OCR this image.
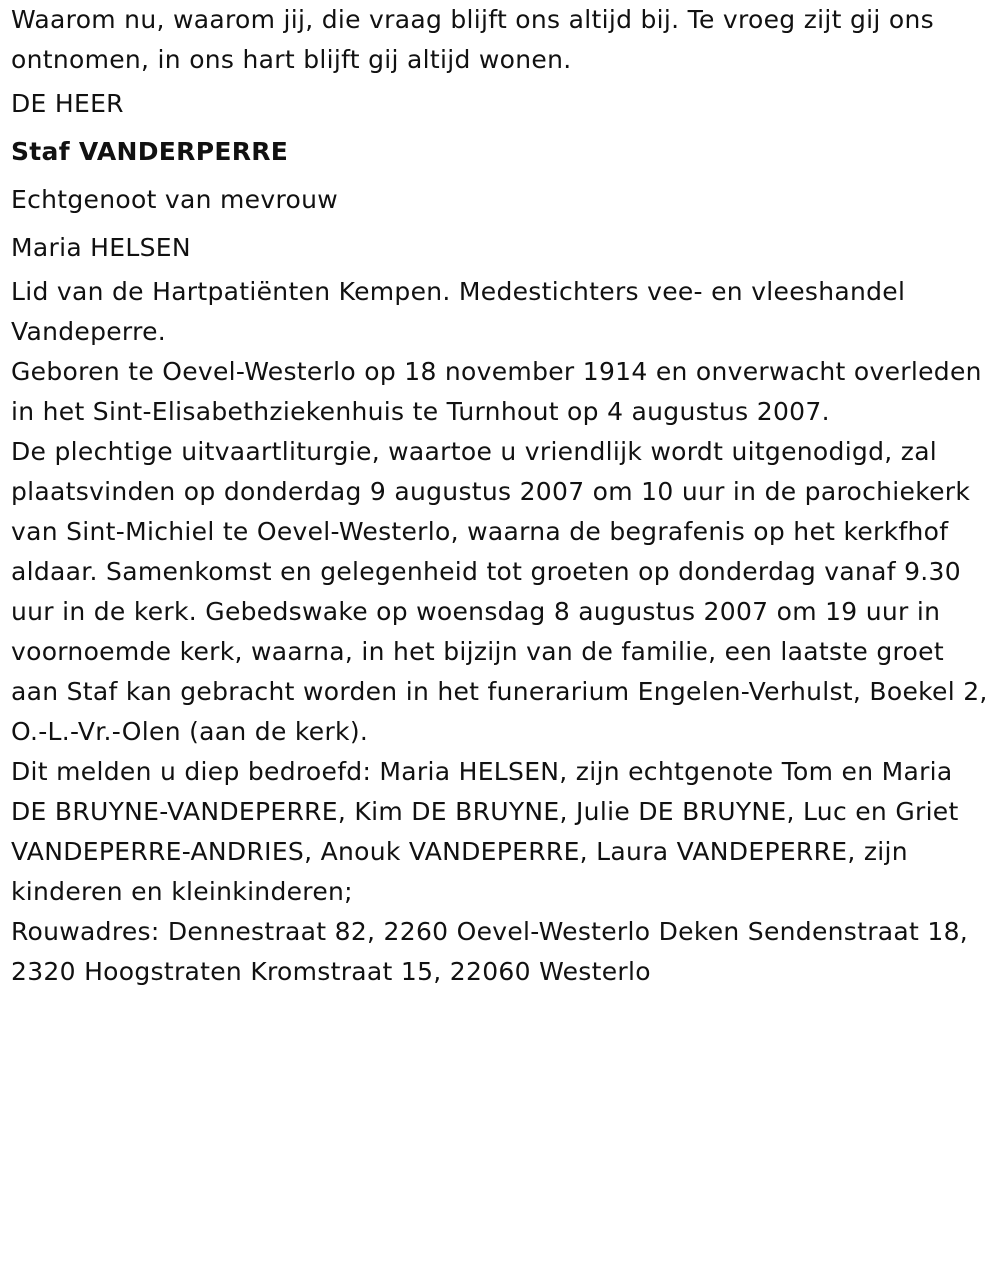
Waarom nu, waarom jij, die vraag blijft ons altijd bij. Te vroeg zijt gij ons ontnomen, in ons hart blijft gij altijd wonen.

DE HEER

Staf VANDERPERRE

Echtgenoot van mevrouw

Maria HELSEN

Lid van de Hartpatiënten Kempen. Medestichters vee- en vleeshandel Vandeperre.

Geboren te Oevel-Westerlo op 18 november 1914 en onverwacht overleden in het Sint-Elisabethziekenhuis te Turnhout op 4 augustus 2007.

De plechtige uitvaartliturgie, waartoe u vriendlijk wordt uitgenodigd, zal plaatsvinden op donderdag 9 augustus 2007 om 10 uur in de parochiekerk van Sint-Michiel te Oevel-Westerlo, waarna de begrafenis op het kerkfhof aldaar. Samenkomst en gelegenheid tot groeten op donderdag vanaf 9.30 uur in de kerk. Gebedswake op woensdag 8 augustus 2007 om 19 uur in voornoemde kerk, waarna, in het bijzijn van de familie, een laatste groet aan Staf kan gebracht worden in het funerarium Engelen-Verhulst, Boekel 2, O.-L.-Vr.-Olen (aan de kerk).

Dit melden u diep bedroefd: Maria HELSEN, zijn echtgenote Tom en Maria DE BRUYNE-VANDEPERRE, Kim DE BRUYNE, Julie DE BRUYNE, Luc en Griet VANDEPERRE-ANDRIES, Anouk VANDEPERRE, Laura VANDEPERRE, zijn kinderen en kleinkinderen;

Rouwadres: Dennestraat 82, 2260 Oevel-Westerlo Deken Sendenstraat 18, 2320 Hoogstraten Kromstraat 15, 22060 Westerlo
